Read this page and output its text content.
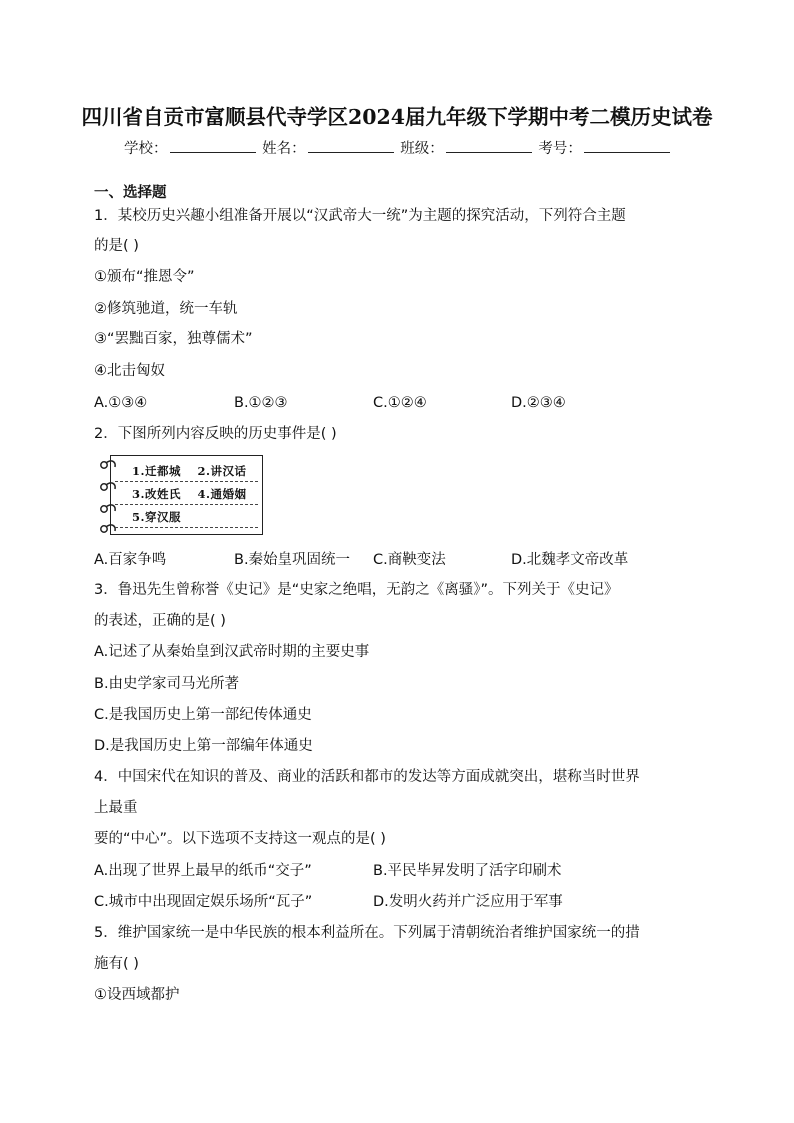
四川省自贡市富顺县代寺学区2024届九年级下学期中考二模历史试卷
学校：	姓名：	班级：	考号：
一、选择题
1．某校历史兴趣小组准备开展以“汉武帝大一统”为主题的探究活动，下列符合主题
的是( )
①颁布“推恩令”
②修筑驰道，统一车轨
③“罢黜百家，独尊儒术”
④北击匈奴
A.①③④	B.①②③	C.①②④	D.②③④
2．下图所列内容反映的历史事件是( )
1.迁都城　 2.讲汉话
3.改姓氏　 4.通婚姻
5.穿汉服
A.百家争鸣	B.秦始皇巩固统一 C.商鞅变法	D.北魏孝文帝改革
3．鲁迅先生曾称誉《史记》是“史家之绝唱，无韵之《离骚》”。下列关于《史记》
的表述，正确的是( )
A.记述了从秦始皇到汉武帝时期的主要史事
B.由史学家司马光所著
C.是我国历史上第一部纪传体通史
D.是我国历史上第一部编年体通史
4．中国宋代在知识的普及、商业的活跃和都市的发达等方面成就突出，堪称当时世界
上最重
要的“中心”。以下选项不支持这一观点的是( )
A.出现了世界上最早的纸币“交子”	B.平民毕昇发明了活字印刷术
C.城市中出现固定娱乐场所“瓦子”	D.发明火药并广泛应用于军事
5．维护国家统一是中华民族的根本利益所在。下列属于清朝统治者维护国家统一的措
施有( )
①设西域都护
